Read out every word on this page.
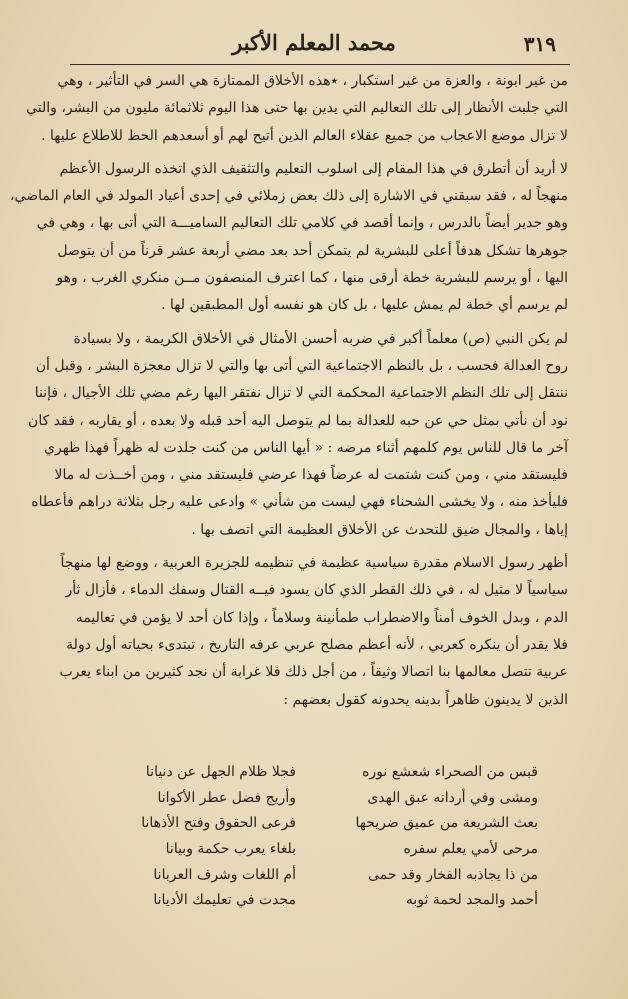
٣١٩
محمد المعلم الأكبر
من غير ابونة ، والعزة من غير استكبار ، ٭هذه الأخلاق الممتازة هي السر في التأثير ، وهي
التي جلبت الأنظار إلى تلك التعاليم التي يدين بها حتى هذا اليوم ثلاثمائة مليون من البشر، والتي
لا تزال موضع الاعجاب من جميع عقلاء العالم الذين أتيح لهم أو أسعدهم الحظ للاطلاع عليها .
لا أريد أن أتطرق في هذا المقام إلى اسلوب التعليم والتثقيف الذي اتخذه الرسول الأعظم
منهجاً له ، فقد سبقني في الاشارة إلى ذلك بعض زملائي في إحدى أعياد المولد في العام الماضي،
وهو جدير أيضاً بالدرس ، وإنما أقصد في كلامي تلك التعاليم الساميـــة التي أتى بها ، وهي في
جوهرها تشكل هدفاً أعلى للبشرية لم يتمكن أحد بعد مضي أربعة عشر قرناً من أن يتوصل
اليها ، أو يرسم للبشرية خطة أرقى منها ، كما اعترف المنصفون مــن منكري الغرب ، وهو
لم يرسم أي خطة لم يمش عليها ، بل كان هو نفسه أول المطبقين لها .
لم يكن النبي (ص) معلماً أكبر في ضربه أحسن الأمثال في الأخلاق الكريمة ، ولا بسيادة
روح العدالة فحسب ، بل بالنظم الاجتماعية التي أتى بها والتي لا تزال معجزة البشر ، وقبل أن
ننتقل إلى تلك النظم الاجتماعية المحكمة التي لا تزال نفتقر اليها رغم مضي تلك الأجيال ، فإننا
نود أن نأتي بمثل حي عن حبه للعدالة بما لم يتوصل اليه أحد قبله ولا بعده ، أو يقاربه ، فقد كان
آخر ما قال للناس يوم كلمهم أثناء مرضه : « أيها الناس من كنت جلدت له ظهراً فهذا ظهري
فليستقد مني ، ومن كنت شتمت له عرضاً فهذا عرضي فليستقد مني ، ومن أخــذت له مالا
فليأخذ منه ، ولا يخشى الشحناء فهي ليست من شأني » وادعى عليه رجل بثلاثة دراهم فأعطاه
إياها ، والمجال ضيق للتحدث عن الأخلاق العظيمة التي اتصف بها .
أظهر رسول الاسلام مقدرة سياسية عظيمة في تنظيمه للجزيرة العربية ، ووضع لها منهجاً
سياسياً لا مثيل له ، في ذلك القطر الذي كان يسود فيــه القتال وسفك الدماء ، فأزال ثأر
الدم ، وبدل الخوف أمناً والاضطراب طمأنينة وسلاماً ، وإذا كان أحد لا يؤمن في تعاليمه
فلا يقدر أن ينكره كعربي ، لأنه أعظم مصلح عربي عرفه التاريخ ، تبتدىء بحياته أول دولة
عربية تتصل معالمها بنا اتصالا وثيقاً ، من أجل ذلك فلا غرابة أن نجد كثيرين من ابناء يعرب
الذين لا يدينون ظاهراً بدينه يحدونه كقول بعضهم :
قبس من الصحراء شعشع نوره
فجلا ظلام الجهل عن دنيانا
ومشى وفي أردانه عبق الهدى
وأريج فضل عطر الأكوانا
بعث الشريعة من عميق ضريحها
فرعى الحقوق وفتح الأذهانا
مرحى لأمي يعلم سفره
بلغاء يعرب حكمة وبيانا
من ذا يجاذبه الفخار وقد حمى
أم اللغات وشرف العربانا
أحمد والمجد لحمة ثوبه
مجدت في تعليمك الأديانا
